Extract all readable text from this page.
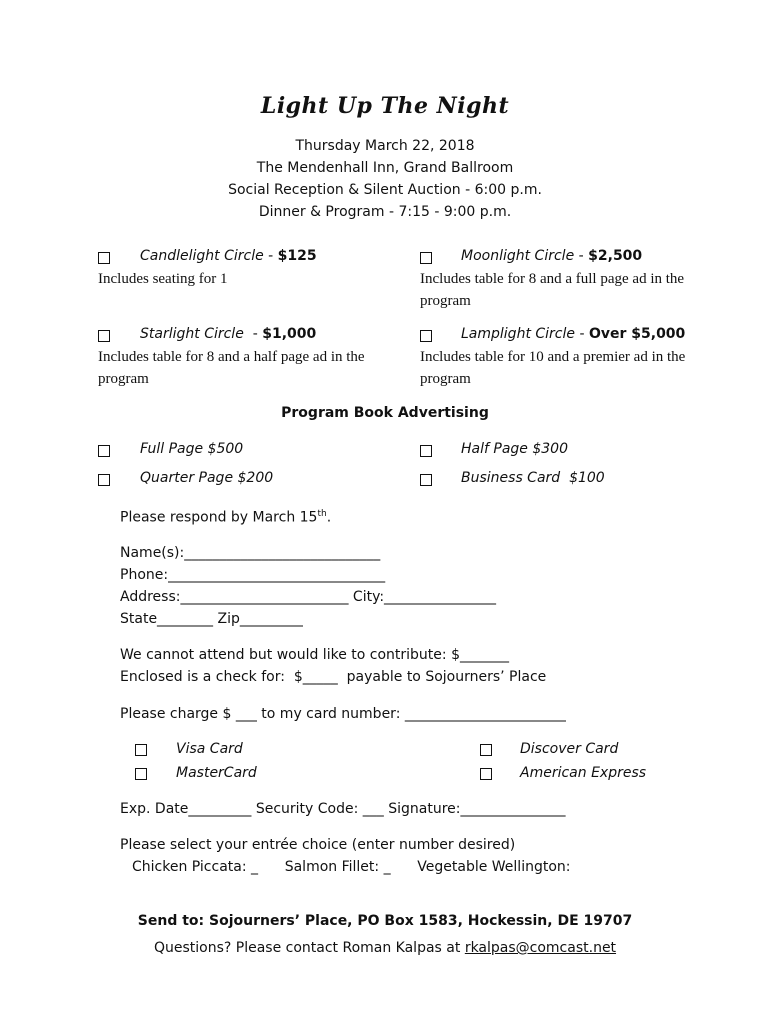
Light Up The Night
Thursday March 22, 2018
The Mendenhall Inn, Grand Ballroom
Social Reception & Silent Auction - 6:00 p.m.
Dinner & Program - 7:15 - 9:00 p.m.
Candlelight Circle - $125
Includes seating for 1
Moonlight Circle - $2,500
Includes table for 8 and a full page ad in the program
Starlight Circle  - $1,000
Includes table for 8 and a half page ad in the program
Lamplight Circle - Over $5,000
Includes table for 10 and a premier ad in the program
Program Book Advertising
Full Page $500	Half Page $300
Quarter Page $200	Business Card  $100
Please respond by March 15th.
Name(s):____________________________
Phone:_______________________________
Address:________________________ City:________________
State________ Zip_________
We cannot attend but would like to contribute: $_______
Enclosed is a check for:  $_____  payable to Sojourners’ Place
Please charge $ ___ to my card number: _______________________
Visa Card	Discover Card
MasterCard	American Express
Exp. Date_________ Security Code: ___ Signature:_______________
Please select your entrée choice (enter number desired)
Chicken Piccata: _      Salmon Fillet: _      Vegetable Wellington:
Send to: Sojourners’ Place, PO Box 1583, Hockessin, DE 19707
Questions? Please contact Roman Kalpas at rkalpas@comcast.net
